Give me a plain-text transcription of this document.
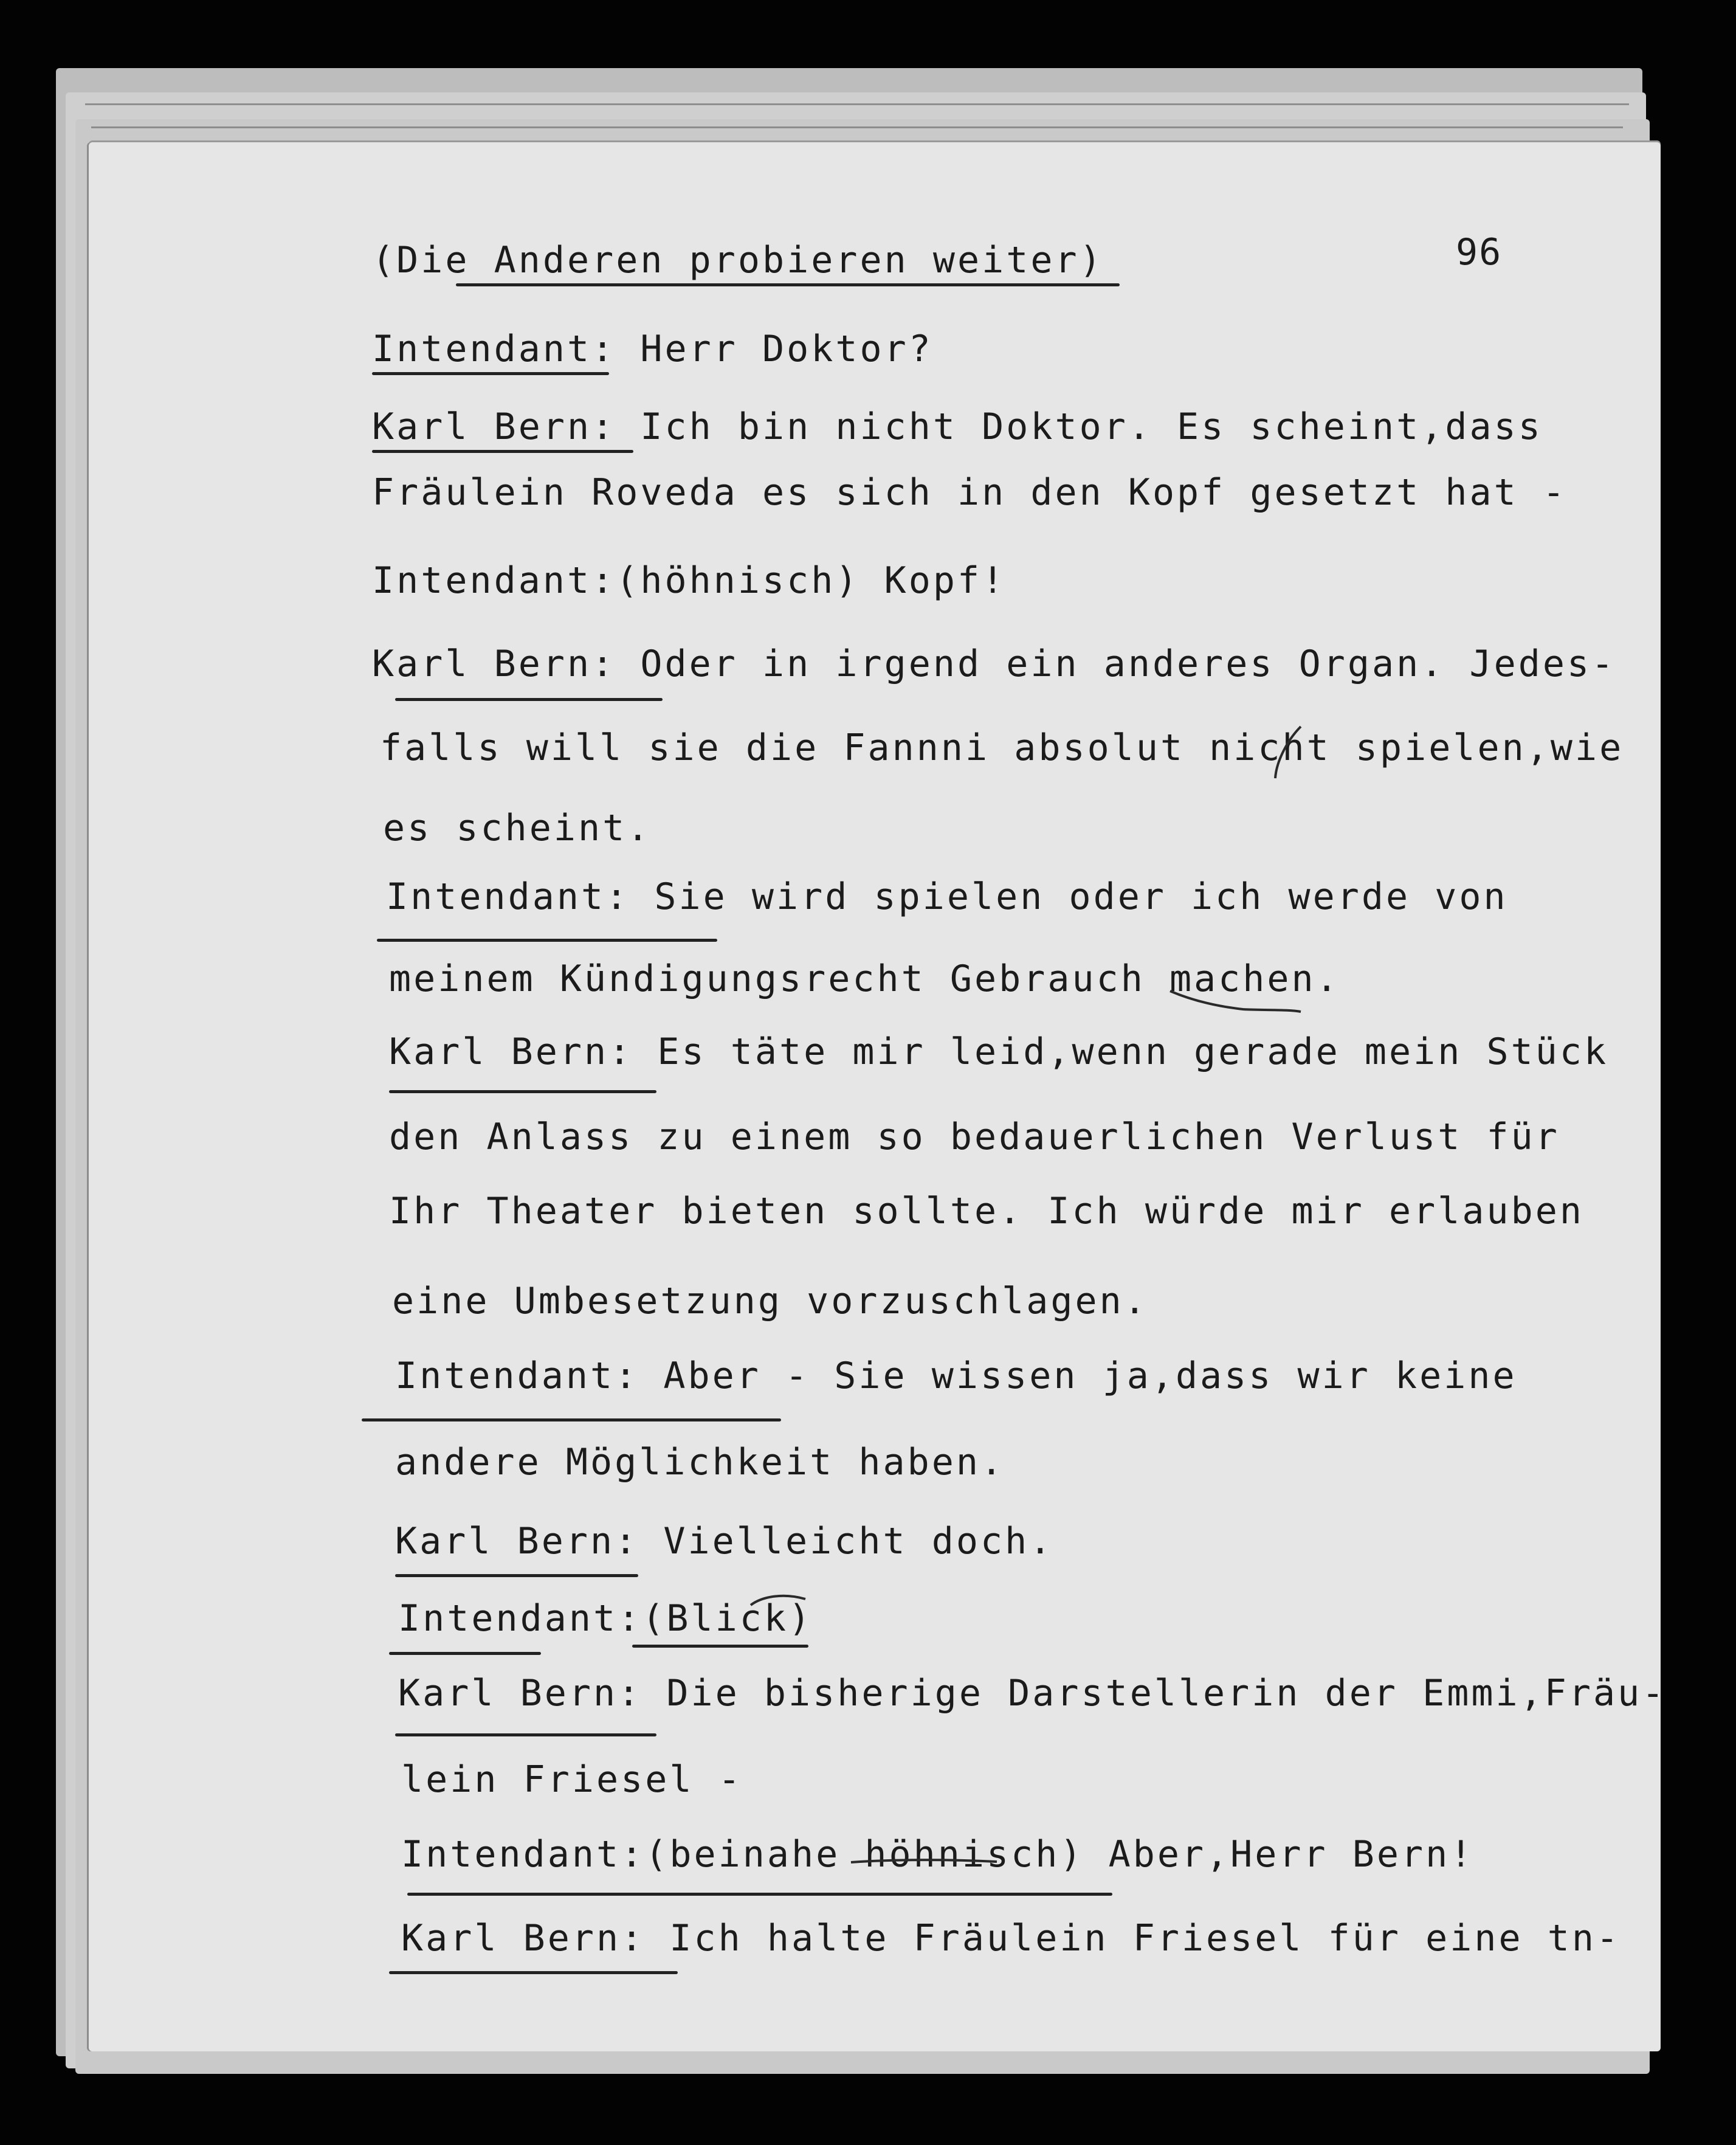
96

(Die Anderen probieren weiter)

Intendant: Herr Doktor?

Karl Bern: Ich bin nicht Doktor. Es scheint,dass

Fräulein Roveda es sich in den Kopf gesetzt hat -

Intendant:(höhnisch) Kopf!

Karl Bern: Oder in irgend ein anderes Organ. Jedes-

falls will sie die Fannni absolut nicht spielen,wie

es scheint.

Intendant: Sie wird spielen oder ich werde von

meinem Kündigungsrecht Gebrauch machen.

Karl Bern: Es täte mir leid,wenn gerade mein Stück

den Anlass zu einem so bedauerlichen Verlust für

Ihr Theater bieten sollte. Ich würde mir erlauben

eine Umbesetzung vorzuschlagen.

Intendant: Aber - Sie wissen ja,dass wir keine

andere Möglichkeit haben.

Karl Bern: Vielleicht doch.

Intendant:(Blick)

Karl Bern: Die bisherige Darstellerin der Emmi,Fräu-

lein Friesel -

Intendant:(beinahe höhnisch) Aber,Herr Bern!

Karl Bern: Ich halte Fräulein Friesel für eine tn-
